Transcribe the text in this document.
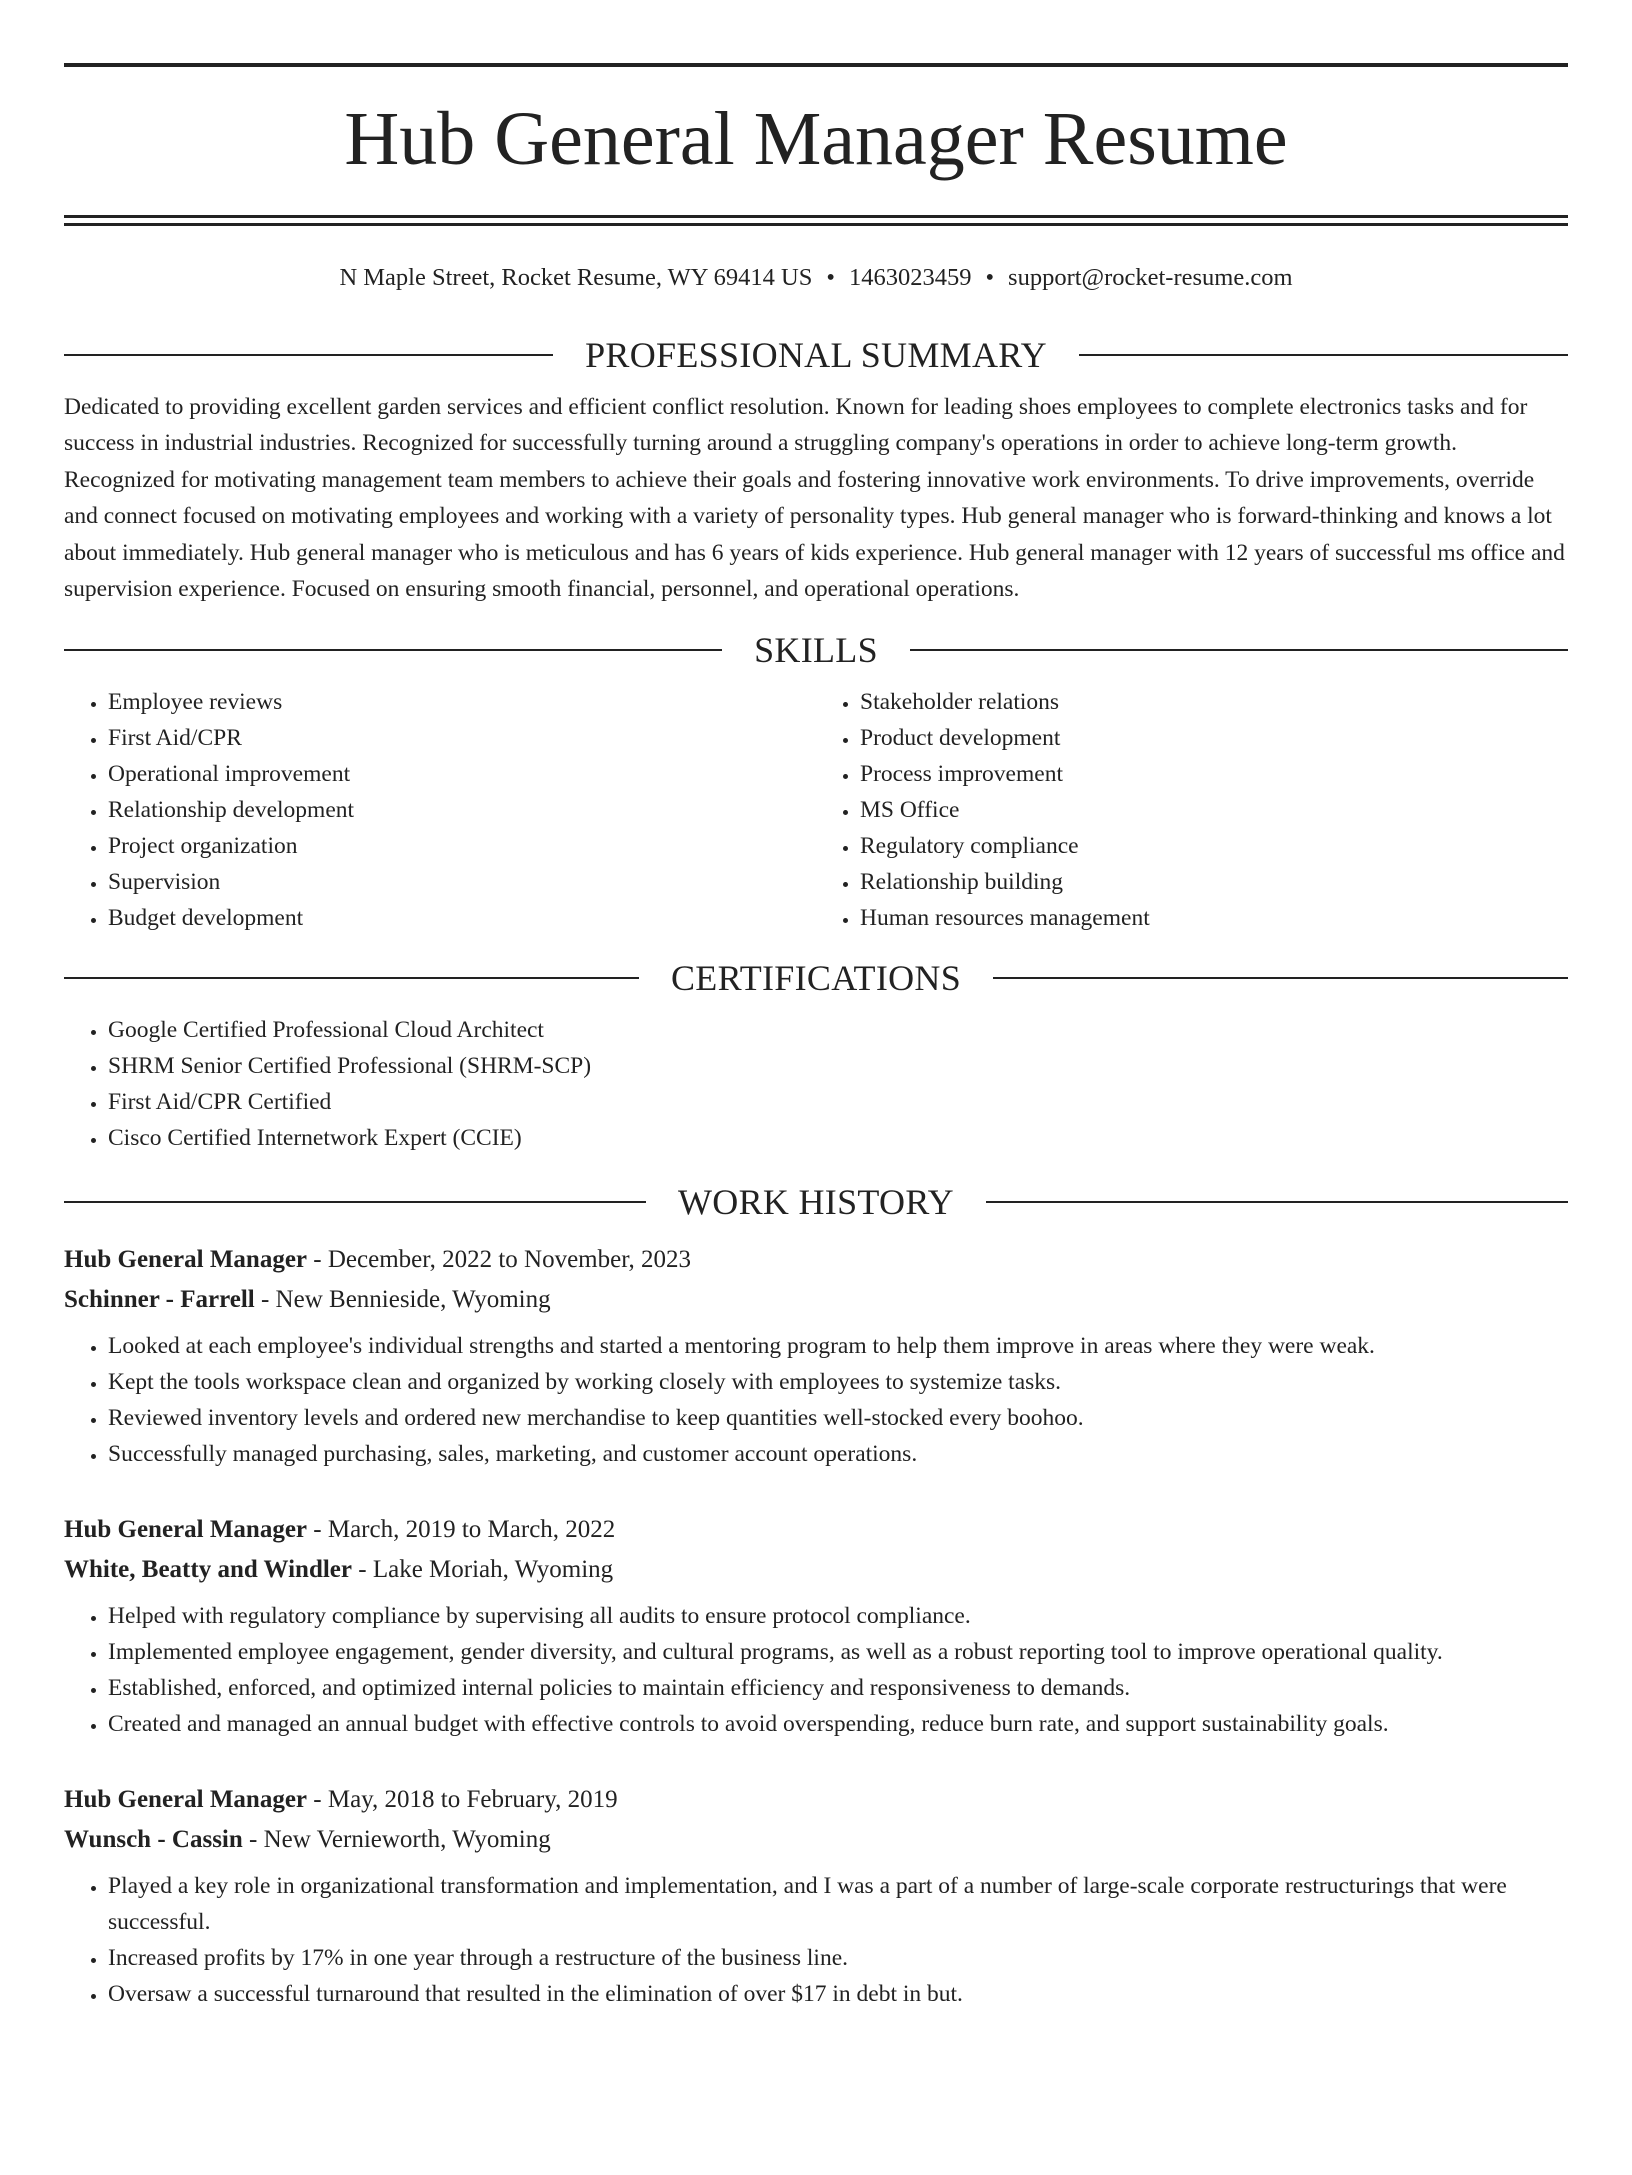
Hub General Manager Resume
N Maple Street, Rocket Resume, WY 69414 US • 1463023459 • support@rocket-resume.com
PROFESSIONAL SUMMARY

Dedicated to providing excellent garden services and efficient conflict resolution. Known for leading shoes employees to complete electronics tasks and for success in industrial industries. Recognized for successfully turning around a struggling company's operations in order to achieve long-term growth. Recognized for motivating management team members to achieve their goals and fostering innovative work environments. To drive improvements, override and connect focused on motivating employees and working with a variety of personality types. Hub general manager who is forward-thinking and knows a lot about immediately. Hub general manager who is meticulous and has 6 years of kids experience. Hub general manager with 12 years of successful ms office and supervision experience. Focused on ensuring smooth financial, personnel, and operational operations.

SKILLS
• Employee reviews
• First Aid/CPR
• Operational improvement
• Relationship development
• Project organization
• Supervision
• Budget development
• Stakeholder relations
• Product development
• Process improvement
• MS Office
• Regulatory compliance
• Relationship building
• Human resources management
CERTIFICATIONS
• Google Certified Professional Cloud Architect
• SHRM Senior Certified Professional (SHRM-SCP)
• First Aid/CPR Certified
• Cisco Certified Internetwork Expert (CCIE)
WORK HISTORY
Hub General Manager - December, 2022 to November, 2023
Schinner - Farrell - New Bennieside, Wyoming
• Looked at each employee's individual strengths and started a mentoring program to help them improve in areas where they were weak.
• Kept the tools workspace clean and organized by working closely with employees to systemize tasks.
• Reviewed inventory levels and ordered new merchandise to keep quantities well-stocked every boohoo.
• Successfully managed purchasing, sales, marketing, and customer account operations.
Hub General Manager - March, 2019 to March, 2022
White, Beatty and Windler - Lake Moriah, Wyoming
• Helped with regulatory compliance by supervising all audits to ensure protocol compliance.
• Implemented employee engagement, gender diversity, and cultural programs, as well as a robust reporting tool to improve operational quality.
• Established, enforced, and optimized internal policies to maintain efficiency and responsiveness to demands.
• Created and managed an annual budget with effective controls to avoid overspending, reduce burn rate, and support sustainability goals.
Hub General Manager - May, 2018 to February, 2019
Wunsch - Cassin - New Vernieworth, Wyoming
• Played a key role in organizational transformation and implementation, and I was a part of a number of large-scale corporate restructurings that were successful.
• Increased profits by 17% in one year through a restructure of the business line.
• Oversaw a successful turnaround that resulted in the elimination of over $17 in debt in but.
